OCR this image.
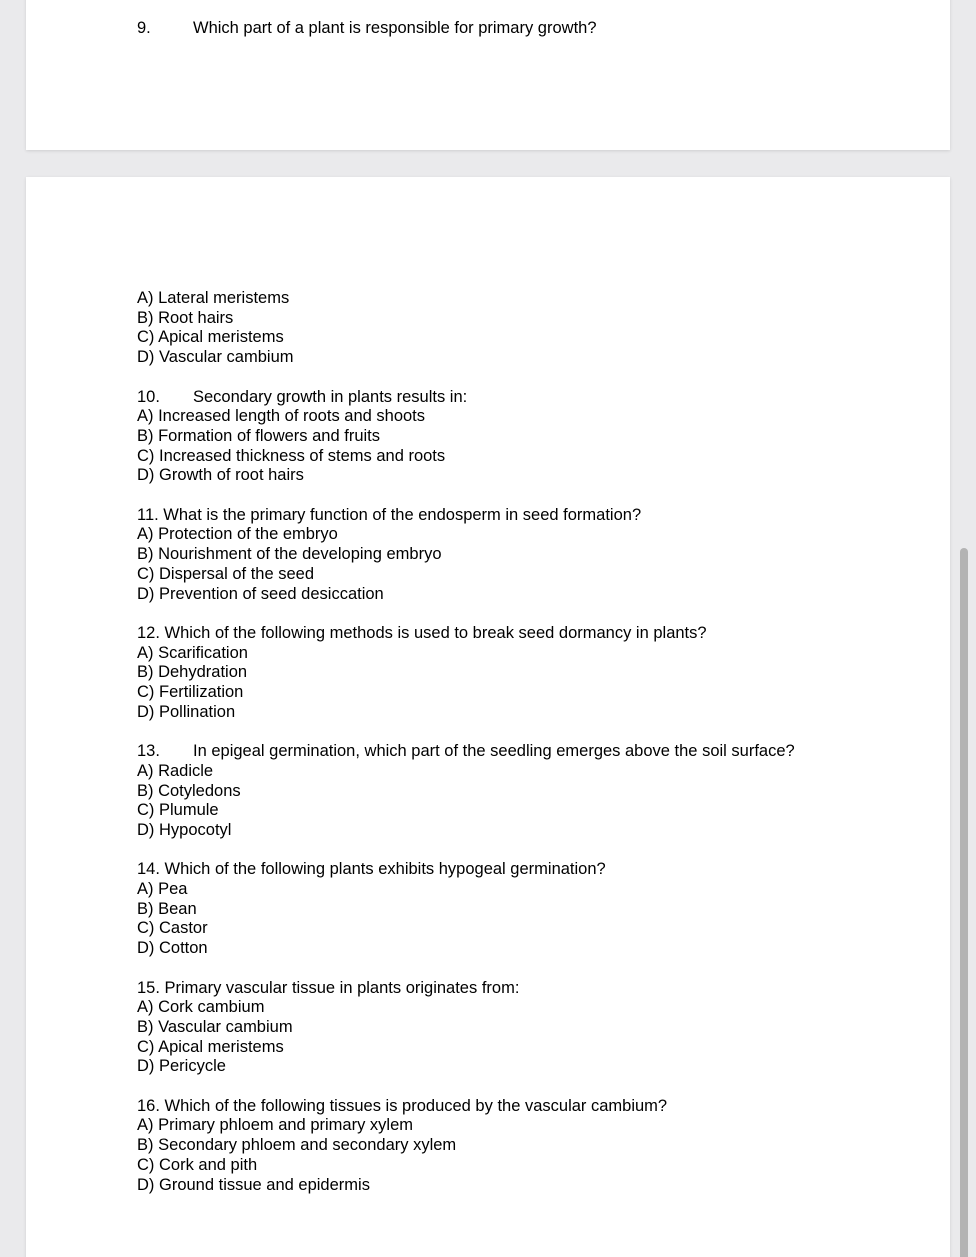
9.	Which part of a plant is responsible for primary growth?
A) Lateral meristems
B) Root hairs
C) Apical meristems
D) Vascular cambium
10. Secondary growth in plants results in:
A) Increased length of roots and shoots
B) Formation of flowers and fruits
C) Increased thickness of stems and roots
D) Growth of root hairs
11. What is the primary function of the endosperm in seed formation?
A) Protection of the embryo
B) Nourishment of the developing embryo
C) Dispersal of the seed
D) Prevention of seed desiccation
12. Which of the following methods is used to break seed dormancy in plants?
A) Scarification
B) Dehydration
C) Fertilization
D) Pollination
13. In epigeal germination, which part of the seedling emerges above the soil surface?
A) Radicle
B) Cotyledons
C) Plumule
D) Hypocotyl
14. Which of the following plants exhibits hypogeal germination?
A) Pea
B) Bean
C) Castor
D) Cotton
15. Primary vascular tissue in plants originates from:
A) Cork cambium
B) Vascular cambium
C) Apical meristems
D) Pericycle
16. Which of the following tissues is produced by the vascular cambium?
A) Primary phloem and primary xylem
B) Secondary phloem and secondary xylem
C) Cork and pith
D) Ground tissue and epidermis
